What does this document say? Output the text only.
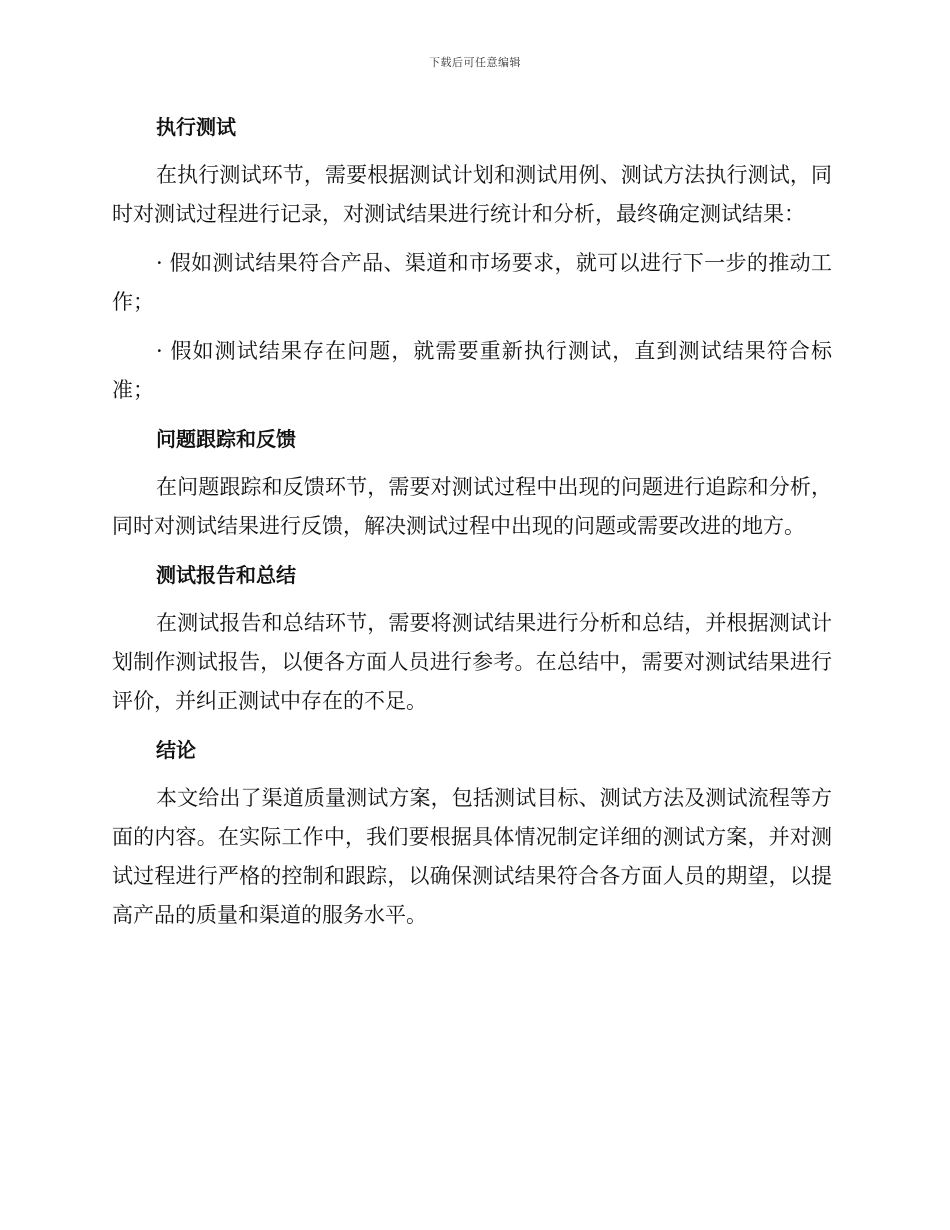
下载后可任意编辑
执行测试

在执行测试环节，需要根据测试计划和测试用例、测试方法执行测试，同时对测试过程进行记录，对测试结果进行统计和分析，最终确定测试结果：

· 假如测试结果符合产品、渠道和市场要求，就可以进行下一步的推动工作；

· 假如测试结果存在问题，就需要重新执行测试，直到测试结果符合标准；

问题跟踪和反馈

在问题跟踪和反馈环节，需要对测试过程中出现的问题进行追踪和分析，同时对测试结果进行反馈，解决测试过程中出现的问题或需要改进的地方。

测试报告和总结

在测试报告和总结环节，需要将测试结果进行分析和总结，并根据测试计划制作测试报告，以便各方面人员进行参考。在总结中，需要对测试结果进行评价，并纠正测试中存在的不足。

结论

本文给出了渠道质量测试方案，包括测试目标、测试方法及测试流程等方面的内容。在实际工作中，我们要根据具体情况制定详细的测试方案，并对测试过程进行严格的控制和跟踪，以确保测试结果符合各方面人员的期望，以提高产品的质量和渠道的服务水平。
